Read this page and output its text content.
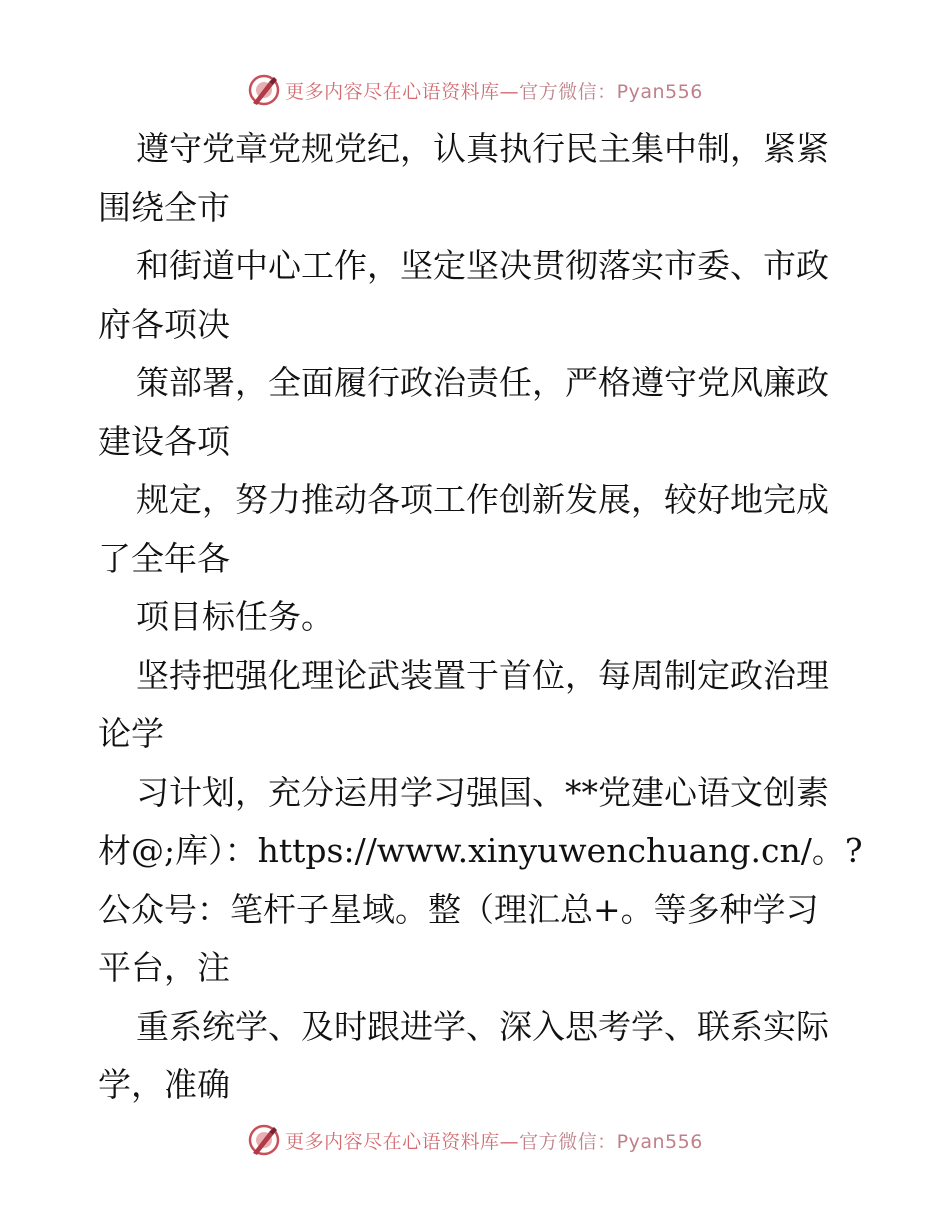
更多内容尽在心语资料库—官方微信：Pyan556
遵守党章党规党纪，认真执行民主集中制，紧紧
围绕全市
和街道中心工作，坚定坚决贯彻落实市委、市政
府各项决
策部署，全面履行政治责任，严格遵守党风廉政
建设各项
规定，努力推动各项工作创新发展，较好地完成
了全年各
项目标任务。
坚持把强化理论武装置于首位，每周制定政治理
论学
习计划，充分运用学习强国、**党建心语文创素
材@;库）：https://www.xinyuwenchuang.cn/。?
公众号：笔杆子星域。整（理汇总+。等多种学习
平台，注
重系统学、及时跟进学、深入思考学、联系实际
学，准确
更多内容尽在心语资料库—官方微信：Pyan556
